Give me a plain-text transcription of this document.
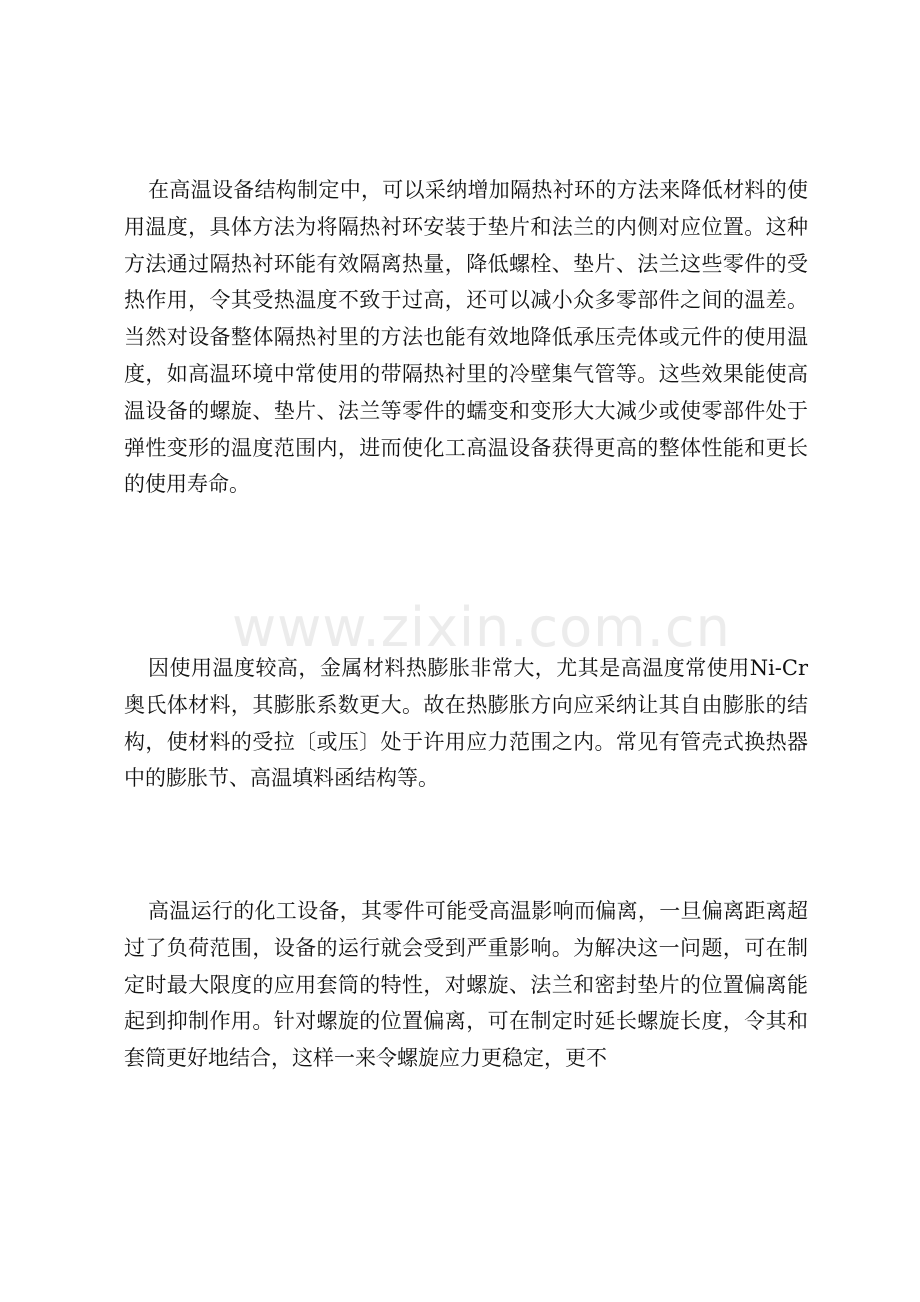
在高温设备结构制定中，可以采纳增加隔热衬环的方法来降低材料的使用温度，具体方法为将隔热衬环安装于垫片和法兰的内侧对应位置。这种方法通过隔热衬环能有效隔离热量，降低螺栓、垫片、法兰这些零件的受热作用，令其受热温度不致于过高，还可以减小众多零部件之间的温差。当然对设备整体隔热衬里的方法也能有效地降低承压壳体或元件的使用温度，如高温环境中常使用的带隔热衬里的冷壁集气管等。这些效果能使高温设备的螺旋、垫片、法兰等零件的蠕变和变形大大减少或使零部件处于弹性变形的温度范围内，进而使化工高温设备获得更高的整体性能和更长的使用寿命。

www.zixin.com.cn

因使用温度较高，金属材料热膨胀非常大，尤其是高温度常使用Ni-Cr奥氏体材料，其膨胀系数更大。故在热膨胀方向应采纳让其自由膨胀的结构，使材料的受拉〔或压〕处于许用应力范围之内。常见有管壳式换热器中的膨胀节、高温填料函结构等。

高温运行的化工设备，其零件可能受高温影响而偏离，一旦偏离距离超过了负荷范围，设备的运行就会受到严重影响。为解决这一问题，可在制定时最大限度的应用套筒的特性，对螺旋、法兰和密封垫片的位置偏离能起到抑制作用。针对螺旋的位置偏离，可在制定时延长螺旋长度，令其和套筒更好地结合，这样一来令螺旋应力更稳定，更不
